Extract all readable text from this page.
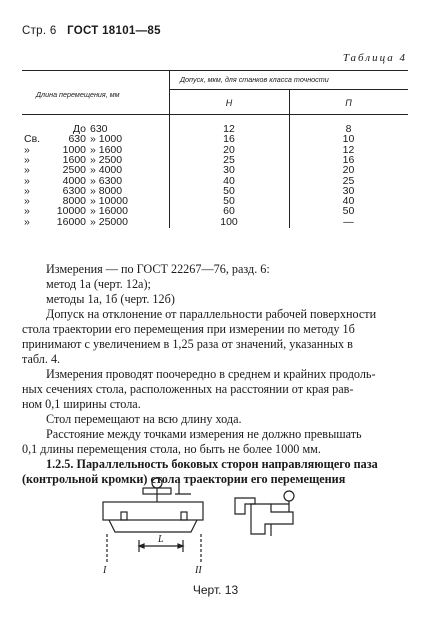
Стр. 6 ГОСТ 18101—85
Таблица 4
Длина перемещения, мм
Допуск, мкм, для станков класса точности
Н	П
До 630	12	8
Св.	630 » 1000	16	10
»	1000 » 1600	20	12
»	1600 » 2500	25	16
»	2500 » 4000	30	20
»	4000 » 6300	40	25
»	6300 » 8000	50	30
»	8000 » 10000	50	40
»	10000 » 16000	60	50
»	16000 » 25000	100	—
Измерения — по ГОСТ 22267—76, разд. 6:
метод 1а (черт. 12а);
методы 1а, 1б (черт. 12б)
Допуск на отклонение от параллельности рабочей поверхности
стола траектории его перемещения при измерении по методу 1б
принимают с увеличением в 1,25 раза от значений, указанных в
табл. 4.
Измерения проводят поочередно в среднем и крайних продоль-
ных сечениях стола, расположенных на расстоянии от края рав-
ном 0,1 ширины стола.
Стол перемещают на всю длину хода.
Расстояние между точками измерения не должно превышать
0,1 длины перемещения стола, но быть не более 1000 мм.
1.2.5. Параллельность боковых сторон направляющего паза
(контрольной кромки) стола траектории его перемещения
I	II
L
Черт. 13
